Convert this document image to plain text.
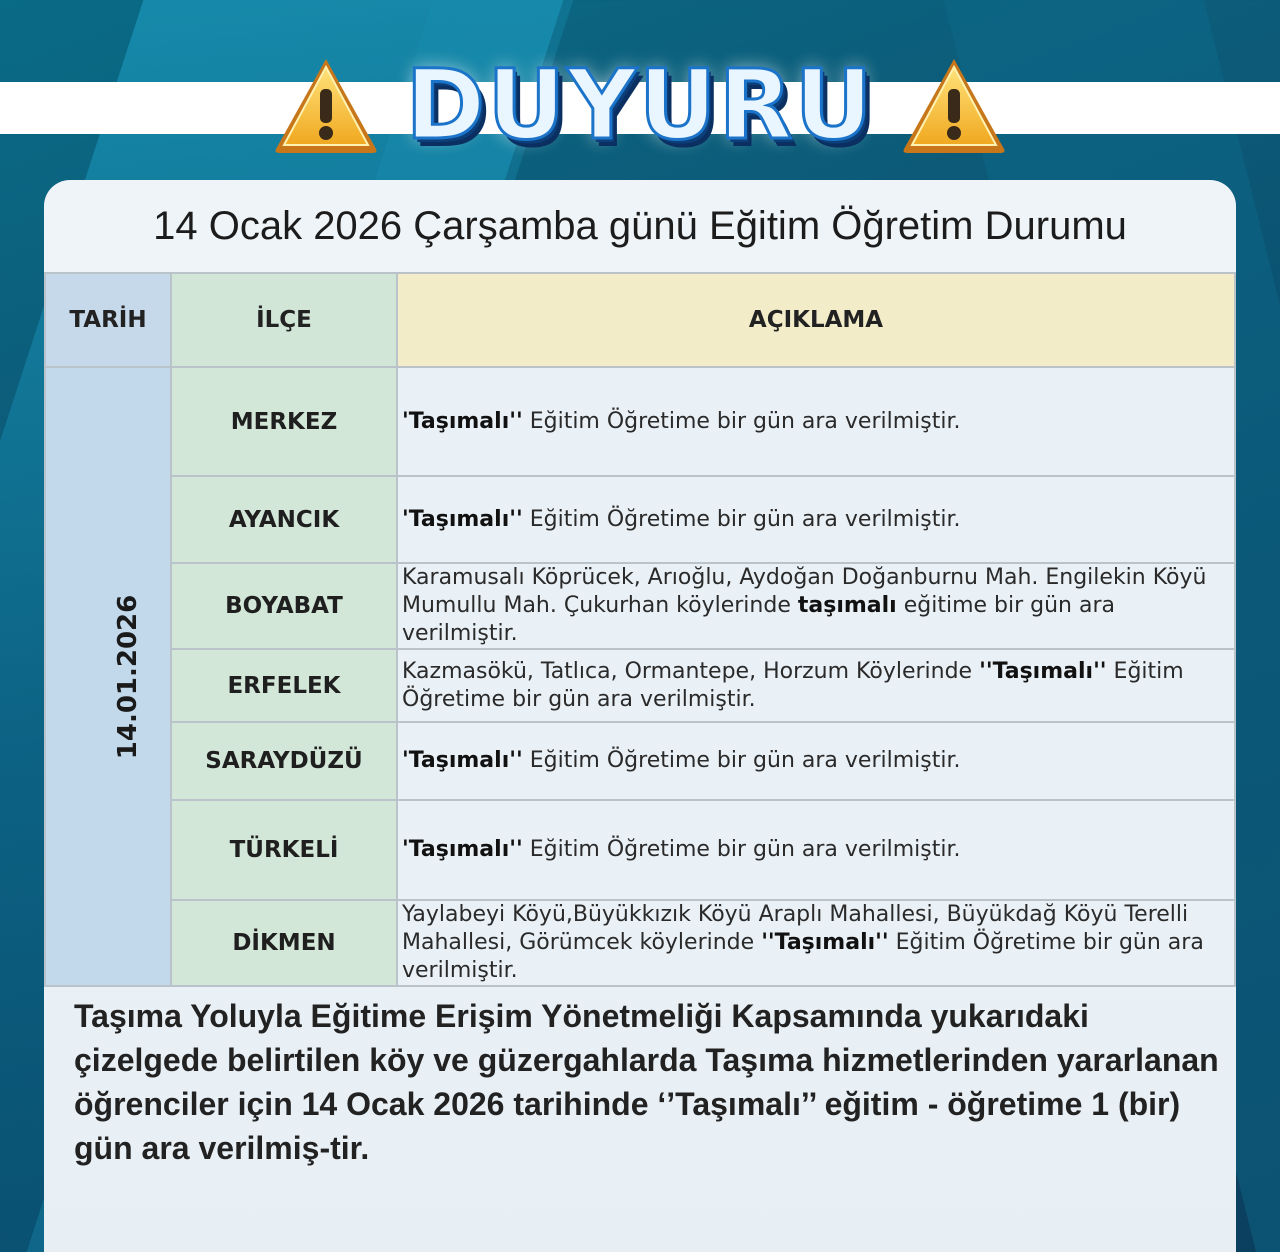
DUYURU
14 Ocak 2026 Çarşamba günü Eğitim Öğretim Durumu
TARİH	İLÇE	AÇIKLAMA
14.01.2026	MERKEZ	'Taşımalı'' Eğitim Öğretime bir gün ara verilmiştir.
	AYANCIK	'Taşımalı'' Eğitim Öğretime bir gün ara verilmiştir.
	BOYABAT	Karamusalı Köprücek, Arıoğlu, Aydoğan Doğanburnu Mah. Engilekin Köyü Mumullu Mah. Çukurhan köylerinde taşımalı eğitime bir gün ara verilmiştir.
	ERFELEK	Kazmasökü, Tatlıca, Ormantepe, Horzum Köylerinde ''Taşımalı'' Eğitim Öğretime bir gün ara verilmiştir.
	SARAYDÜZÜ	'Taşımalı'' Eğitim Öğretime bir gün ara verilmiştir.
	TÜRKELİ	'Taşımalı'' Eğitim Öğretime bir gün ara verilmiştir.
	DİKMEN	Yaylabeyi Köyü,Büyükkızık Köyü Araplı Mahallesi, Büyükdağ Köyü Terelli Mahallesi, Görümcek köylerinde ''Taşımalı'' Eğitim Öğretime bir gün ara verilmiştir.
Taşıma Yoluyla Eğitime Erişim Yönetmeliği Kapsamında yukarıdaki çizelgede belirtilen köy ve güzergahlarda Taşıma hizmetlerinden yararlanan öğrenciler için 14 Ocak 2026 tarihinde ‘’Taşımalı’’ eğitim - öğretime 1 (bir) gün ara verilmiş-tir.
